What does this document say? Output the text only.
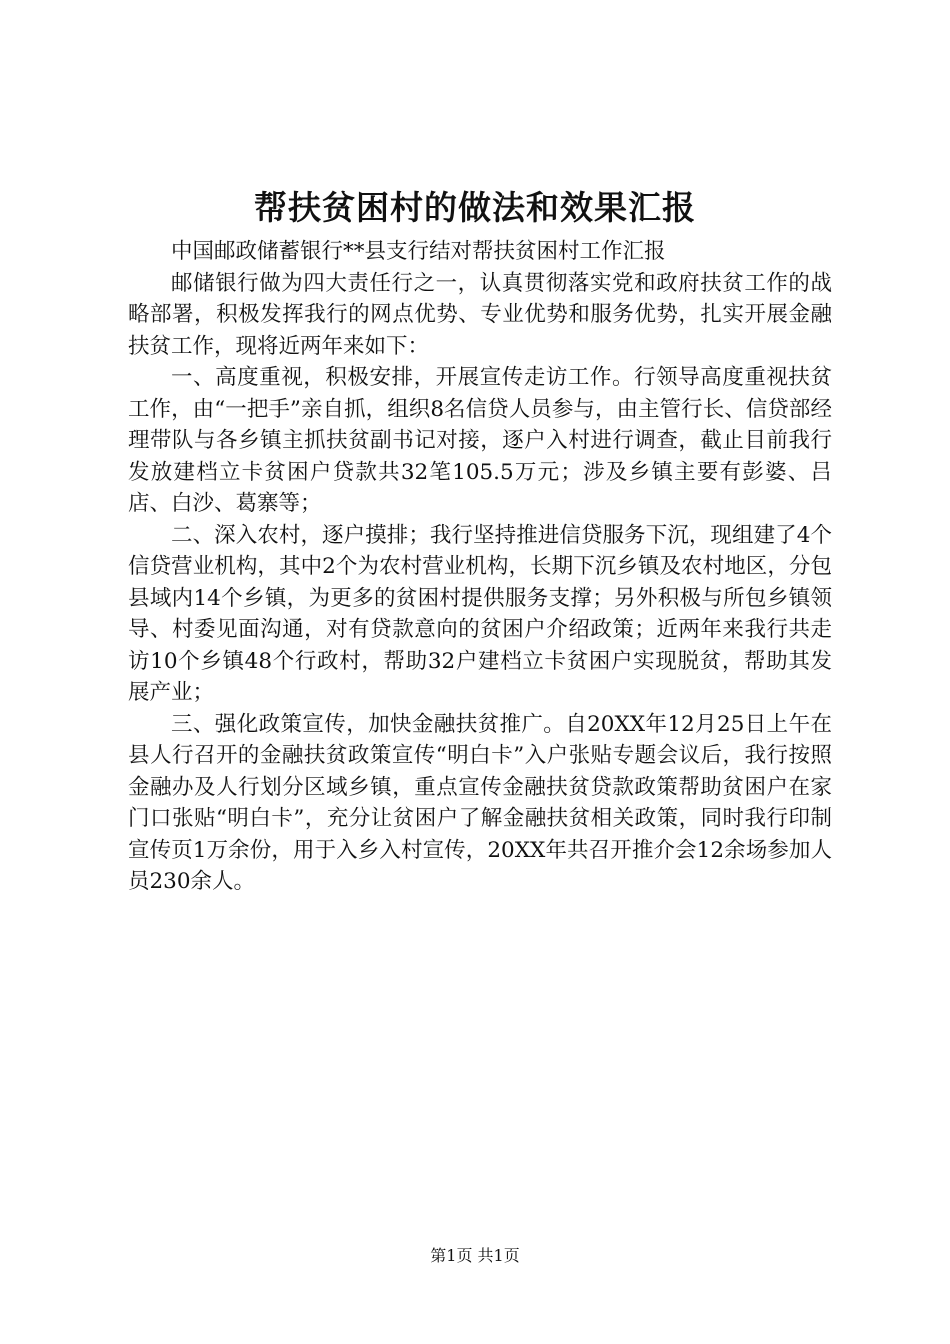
帮扶贫困村的做法和效果汇报

中国邮政储蓄银行**县支行结对帮扶贫困村工作汇报

邮储银行做为四大责任行之一，认真贯彻落实党和政府扶贫工作的战略部署，积极发挥我行的网点优势、专业优势和服务优势，扎实开展金融扶贫工作，现将近两年来如下：

一、高度重视，积极安排，开展宣传走访工作。行领导高度重视扶贫工作，由“一把手”亲自抓，组织8名信贷人员参与，由主管行长、信贷部经理带队与各乡镇主抓扶贫副书记对接，逐户入村进行调查，截止目前我行发放建档立卡贫困户贷款共32笔105.5万元；涉及乡镇主要有彭婆、吕店、白沙、葛寨等；

二、深入农村，逐户摸排；我行坚持推进信贷服务下沉，现组建了4个信贷营业机构，其中2个为农村营业机构，长期下沉乡镇及农村地区，分包县域内14个乡镇，为更多的贫困村提供服务支撑；另外积极与所包乡镇领导、村委见面沟通，对有贷款意向的贫困户介绍政策；近两年来我行共走访10个乡镇48个行政村，帮助32户建档立卡贫困户实现脱贫，帮助其发展产业；

三、强化政策宣传，加快金融扶贫推广。自20XX年12月25日上午在县人行召开的金融扶贫政策宣传“明白卡”入户张贴专题会议后，我行按照金融办及人行划分区域乡镇，重点宣传金融扶贫贷款政策帮助贫困户在家门口张贴“明白卡”，充分让贫困户了解金融扶贫相关政策，同时我行印制宣传页1万余份，用于入乡入村宣传，20XX年共召开推介会12余场参加人员230余人。

第1页 共1页
